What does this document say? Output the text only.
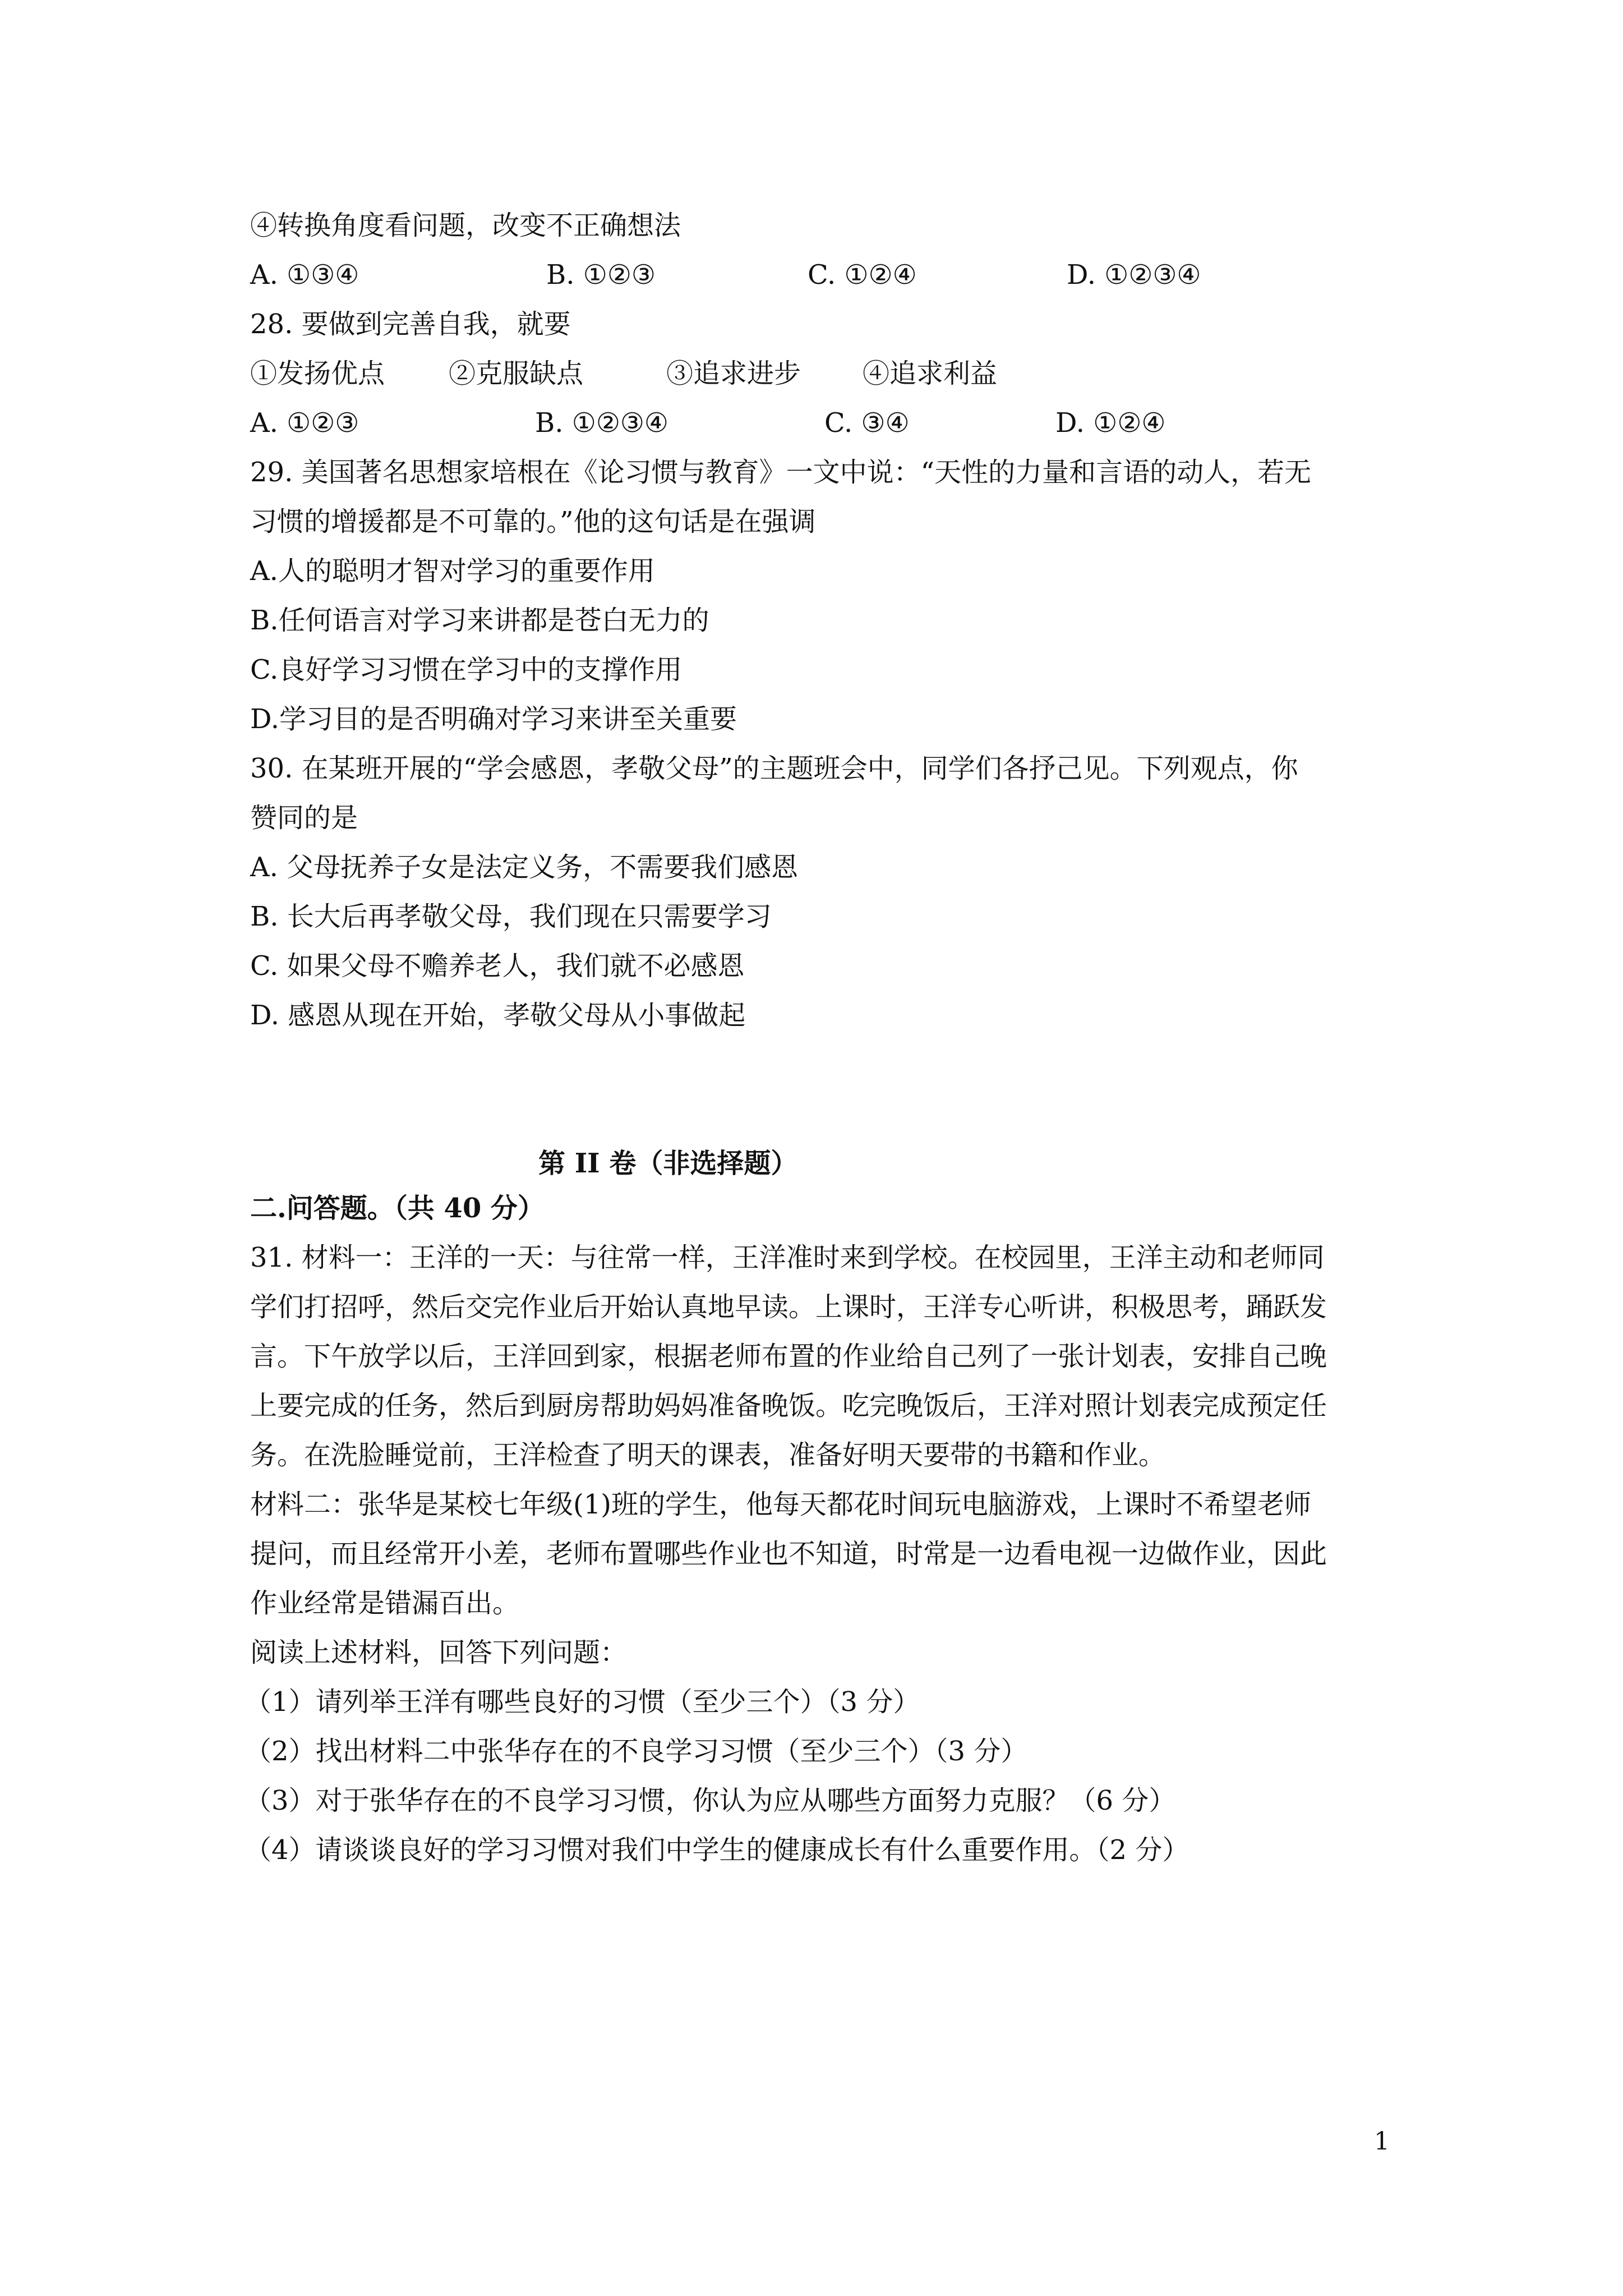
④转换角度看问题，改变不正确想法

A. ①③④	B. ①②③	C. ①②④	D. ①②③④

28. 要做到完善自我，就要

①发扬优点 ②克服缺点	③追求进步 ④追求利益
A. ①②③	B. ①②③④	C. ③④	D. ①②④

29. 美国著名思想家培根在《论习惯与教育》一文中说：“天性的力量和言语的动人，若无

习惯的增援都是不可靠的。”他的这句话是在强调

A.人的聪明才智对学习的重要作用

B.任何语言对学习来讲都是苍白无力的

C.良好学习习惯在学习中的支撑作用

D.学习目的是否明确对学习来讲至关重要

30. 在某班开展的“学会感恩，孝敬父母”的主题班会中，同学们各抒己见。下列观点，你

赞同的是

A. 父母抚养子女是法定义务，不需要我们感恩

B. 长大后再孝敬父母，我们现在只需要学习

C. 如果父母不赡养老人，我们就不必感恩

D. 感恩从现在开始，孝敬父母从小事做起

第 II 卷（非选择题）

二.问答题。（共 40 分）

31. 材料一：王洋的一天：与往常一样，王洋准时来到学校。在校园里，王洋主动和老师同

学们打招呼，然后交完作业后开始认真地早读。上课时，王洋专心听讲，积极思考，踊跃发

言。下午放学以后，王洋回到家，根据老师布置的作业给自己列了一张计划表，安排自己晚

上要完成的任务，然后到厨房帮助妈妈准备晚饭。吃完晚饭后，王洋对照计划表完成预定任

务。在洗脸睡觉前，王洋检查了明天的课表，准备好明天要带的书籍和作业。

材料二：张华是某校七年级(1)班的学生，他每天都花时间玩电脑游戏，上课时不希望老师

提问，而且经常开小差，老师布置哪些作业也不知道，时常是一边看电视一边做作业，因此

作业经常是错漏百出。

阅读上述材料，回答下列问题：

（1）请列举王洋有哪些良好的习惯（至少三个）（3 分）

（2）找出材料二中张华存在的不良学习习惯（至少三个）（3 分）

（3）对于张华存在的不良学习习惯，你认为应从哪些方面努力克服？（6 分）

（4）请谈谈良好的学习习惯对我们中学生的健康成长有什么重要作用。（2 分）

1
